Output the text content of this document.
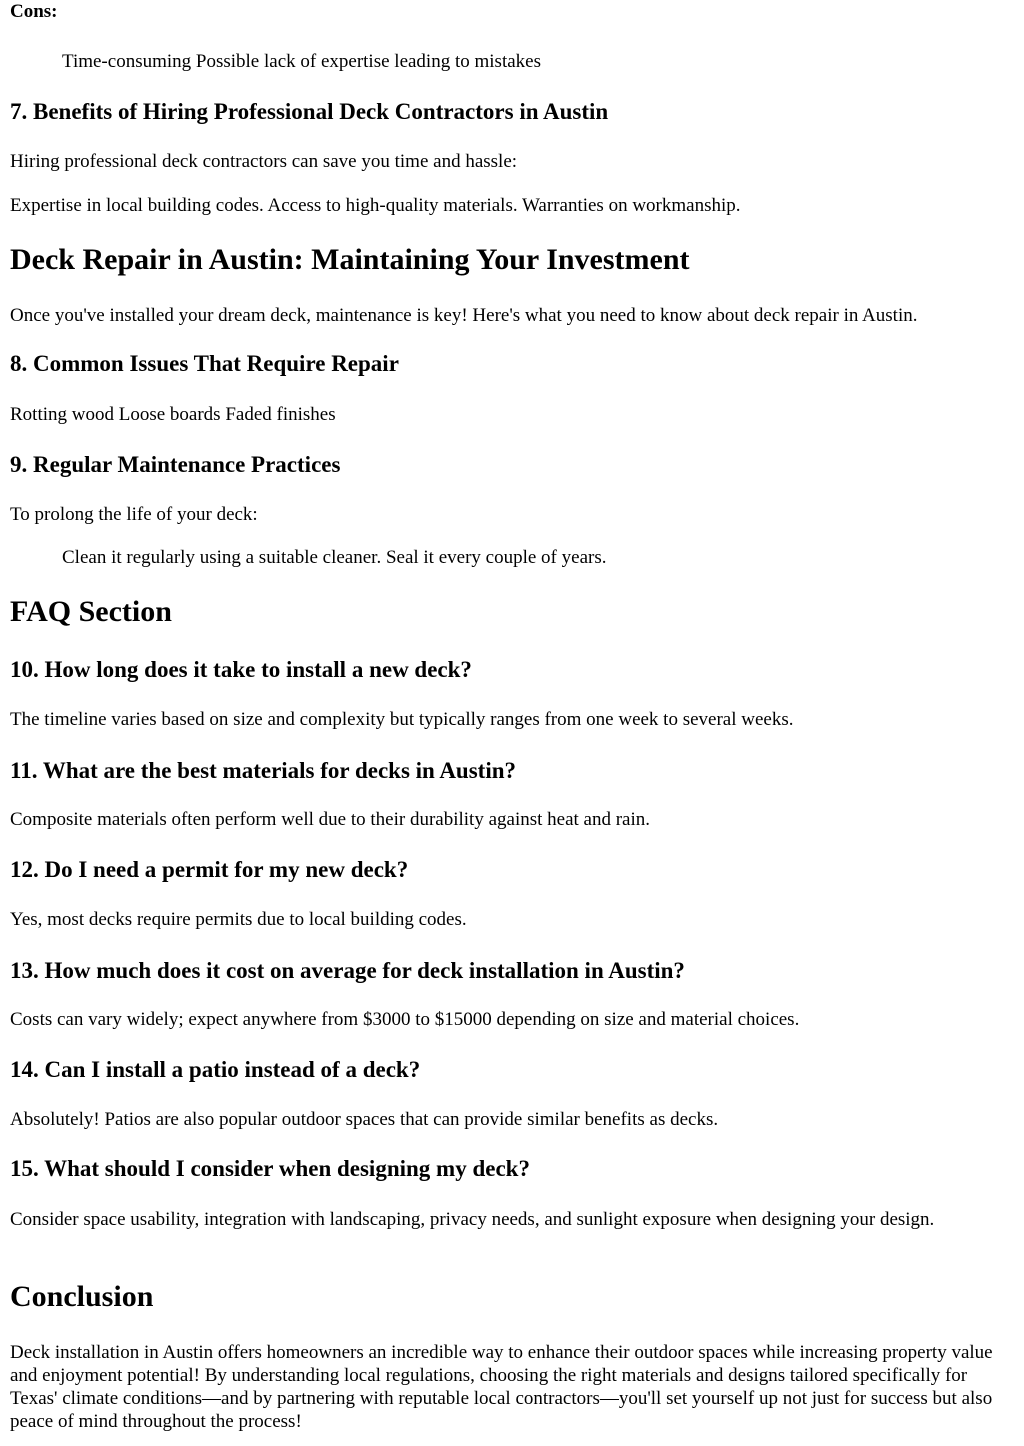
Cons:
Time-consuming Possible lack of expertise leading to mistakes
7. Benefits of Hiring Professional Deck Contractors in Austin
Hiring professional deck contractors can save you time and hassle:
Expertise in local building codes. Access to high-quality materials. Warranties on workmanship.
Deck Repair in Austin: Maintaining Your Investment
Once you've installed your dream deck, maintenance is key! Here's what you need to know about deck repair in Austin.
8. Common Issues That Require Repair
Rotting wood Loose boards Faded finishes
9. Regular Maintenance Practices
To prolong the life of your deck:
Clean it regularly using a suitable cleaner. Seal it every couple of years.
FAQ Section
10. How long does it take to install a new deck?
The timeline varies based on size and complexity but typically ranges from one week to several weeks.
11. What are the best materials for decks in Austin?
Composite materials often perform well due to their durability against heat and rain.
12. Do I need a permit for my new deck?
Yes, most decks require permits due to local building codes.
13. How much does it cost on average for deck installation in Austin?
Costs can vary widely; expect anywhere from $3000 to $15000 depending on size and material choices.
14. Can I install a patio instead of a deck?
Absolutely! Patios are also popular outdoor spaces that can provide similar benefits as decks.
15. What should I consider when designing my deck?
Consider space usability, integration with landscaping, privacy needs, and sunlight exposure when designing your design.
Conclusion
Deck installation in Austin offers homeowners an incredible way to enhance their outdoor spaces while increasing property value and enjoyment potential! By understanding local regulations, choosing the right materials and designs tailored specifically for Texas' climate conditions—and by partnering with reputable local contractors—you'll set yourself up not just for success but also peace of mind throughout the process!
